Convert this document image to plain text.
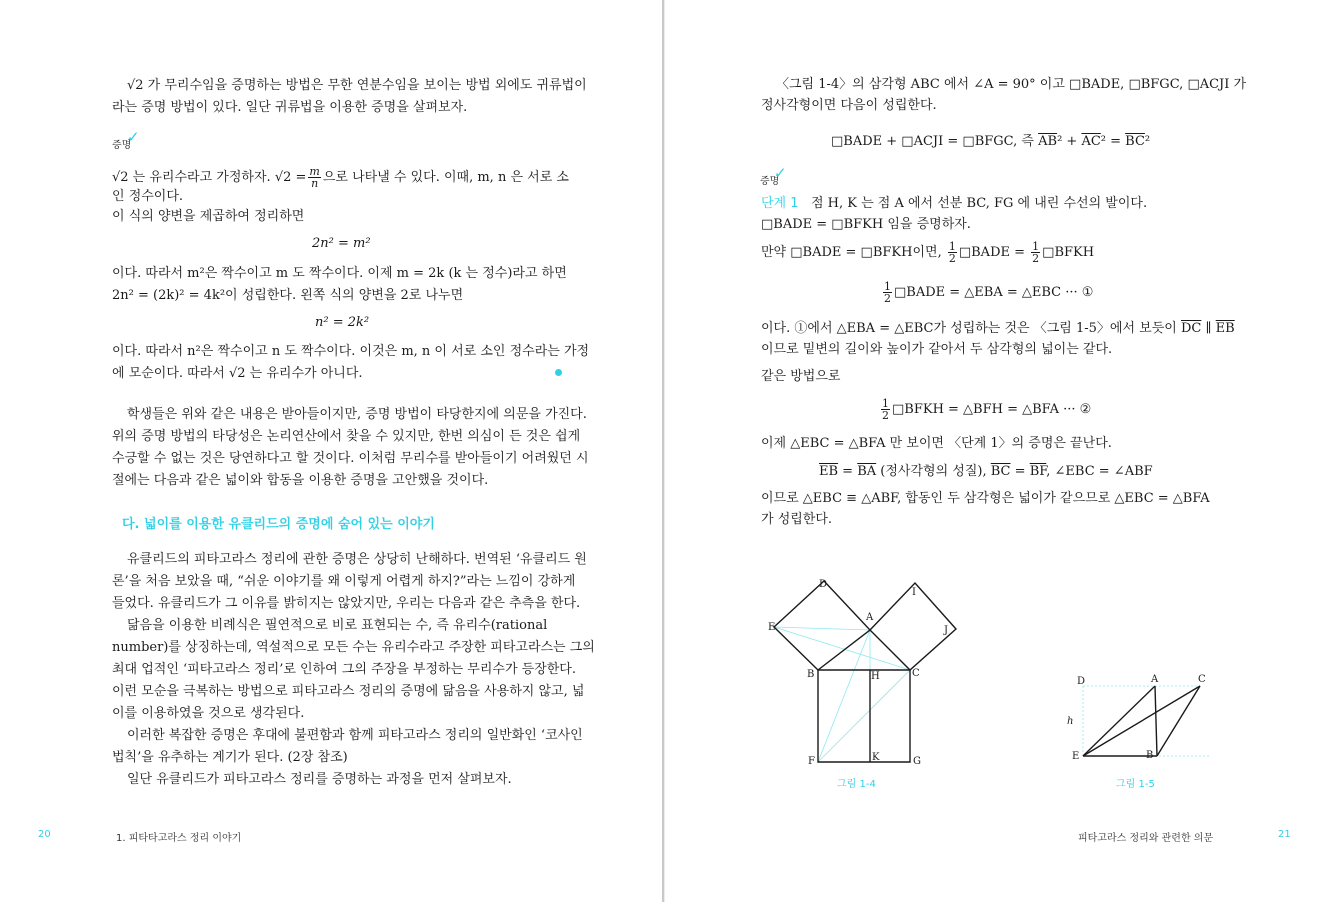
√2 가 무리수임을 증명하는 방법은 무한 연분수임을 보이는 방법 외에도 귀류법이
라는 증명 방법이 있다. 일단 귀류법을 이용한 증명을 살펴보자.
증명
✓
√2 는 유리수라고 가정하자. $√2 = \frac{m}{n}$ 으로 나타낼 수 있다. 이때, m, n 은 서로 소
인 정수이다.
이 식의 양변을 제곱하여 정리하면
2n² = m²
이다. 따라서 m²은 짝수이고 m 도 짝수이다. 이제 m = 2k (k 는 정수)라고 하면
2n² = (2k)² = 4k²이 성립한다. 왼쪽 식의 양변을 2로 나누면
n² = 2k²
이다. 따라서 n²은 짝수이고 n 도 짝수이다. 이것은 m, n 이 서로 소인 정수라는 가정
에 모순이다. 따라서 √2 는 유리수가 아니다.
학생들은 위와 같은 내용은 받아들이지만, 증명 방법이 타당한지에 의문을 가진다.
위의 증명 방법의 타당성은 논리연산에서 찾을 수 있지만, 한번 의심이 든 것은 쉽게
수긍할 수 없는 것은 당연하다고 할 것이다. 이처럼 무리수를 받아들이기 어려웠던 시
절에는 다음과 같은 넓이와 합동을 이용한 증명을 고안했을 것이다.
다. 넓이를 이용한 유클리드의 증명에 숨어 있는 이야기
유클리드의 피타고라스 정리에 관한 증명은 상당히 난해하다. 번역된 ‘유클리드 원
론’을 처음 보았을 때, “쉬운 이야기를 왜 이렇게 어렵게 하지?”라는 느낌이 강하게
들었다. 유클리드가 그 이유를 밝히지는 않았지만, 우리는 다음과 같은 추측을 한다.
닮음을 이용한 비례식은 필연적으로 비로 표현되는 수, 즉 유리수(rational
number)를 상징하는데, 역설적으로 모든 수는 유리수라고 주장한 피타고라스는 그의
최대 업적인 ‘피타고라스 정리’로 인하여 그의 주장을 부정하는 무리수가 등장한다.
이런 모순을 극복하는 방법으로 피타고라스 정리의 증명에 닮음을 사용하지 않고, 넓
이를 이용하였을 것으로 생각된다.
이러한 복잡한 증명은 후대에 불편함과 함께 피타고라스 정리의 일반화인 ‘코사인
법칙’을 유추하는 계기가 된다. (2장 참조)
일단 유클리드가 피타고라스 정리를 증명하는 과정을 먼저 살펴보자.
20	1. 피타타고라스 정리 이야기
〈그림 1-4〉의 삼각형 ABC 에서 ∠A = 90° 이고 □BADE, □BFGC, □ACJI 가
정사각형이면 다음이 성립한다.
□BADE + □ACJI = □BFGC, 즉 $\overline{AB}^2 + \overline{AC}^2 = \overline{BC}^2$
증명
✓
단계 1 점 H, K 는 점 A 에서 선분 BC, FG 에 내린 수선의 발이다.
□BADE = □BFKH 임을 증명하자.
만약 □BADE = □BFKH이면, $\frac{1}{2}$ □BADE = $\frac{1}{2}$ □BFKH
$\frac{1}{2}$ □BADE = △EBA = △EBC ··· ①
이다. ①에서 △EBA = △EBC가 성립하는 것은 〈그림 1-5〉에서 보듯이 $\overline{DC}$ ∥ $\overline{EB}$
이므로 밑변의 길이와 높이가 같아서 두 삼각형의 넓이는 같다.
같은 방법으로
$\frac{1}{2}$ □BFKH = △BFH = △BFA ··· ②
이제 △EBC = △BFA 만 보이면 〈단계 1〉의 증명은 끝난다.
$\overline{EB} = \overline{BA}$ (정사각형의 성질), $\overline{BC} = \overline{BF}$, ∠EBC = ∠ABF
이므로 △EBC ≡ △ABF, 합동인 두 삼각형은 넓이가 같으므로 △EBC = △BFA
가 성립한다.
D
I
A
E	J
B	H	C
F	K	G
D	A	C
h
E	B
그림 1-4	그림 1-5
피타고라스 정리와 관련한 의문	21
